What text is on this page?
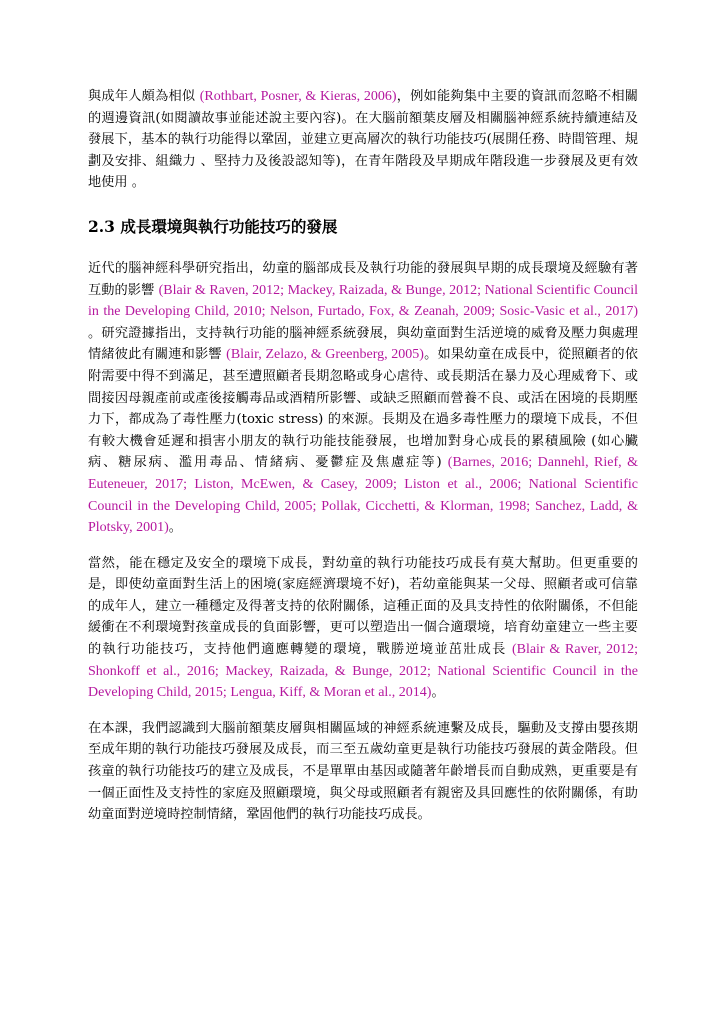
與成年人頗為相似 (Rothbart, Posner, & Kieras, 2006)，例如能夠集中主要的資訊而忽略不相關的週邊資訊(如閱讀故事並能述說主要內容)。在大腦前額葉皮層及相關腦神經系統持續連結及發展下，基本的執行功能得以鞏固，並建立更高層次的執行功能技巧(展開任務、時間管理、規劃及安排、組織力 、堅持力及後設認知等)，在青年階段及早期成年階段進一步發展及更有效地使用 。

2.3 成長環境與執行功能技巧的發展

近代的腦神經科學研究指出，幼童的腦部成長及執行功能的發展與早期的成長環境及經驗有著互動的影響 (Blair & Raven, 2012; Mackey, Raizada, & Bunge, 2012; National Scientific Council in the Developing Child, 2010; Nelson, Furtado, Fox, & Zeanah, 2009; Sosic-Vasic et al., 2017) 。研究證據指出，支持執行功能的腦神經系統發展，與幼童面對生活逆境的威脅及壓力與處理情緒彼此有關連和影響 (Blair, Zelazo, & Greenberg, 2005)。如果幼童在成長中，從照顧者的依附需要中得不到滿足，甚至遭照顧者長期忽略或身心虐待、或長期活在暴力及心理威脅下、或間接因母親產前或產後接觸毒品或酒精所影響、或缺乏照顧而營養不良、或活在困境的長期壓力下，都成為了毒性壓力(toxic stress) 的來源。長期及在過多毒性壓力的環境下成長，不但有較大機會延遲和損害小朋友的執行功能技能發展，也增加對身心成長的累積風險 (如心臟病、糖尿病、濫用毒品、情緒病、憂鬱症及焦慮症等) (Barnes, 2016; Dannehl, Rief, & Euteneuer, 2017; Liston, McEwen, & Casey, 2009; Liston et al., 2006; National Scientific Council in the Developing Child, 2005; Pollak, Cicchetti, & Klorman, 1998; Sanchez, Ladd, & Plotsky, 2001)。

當然，能在穩定及安全的環境下成長，對幼童的執行功能技巧成長有莫大幫助。但更重要的是，即使幼童面對生活上的困境(家庭經濟環境不好)，若幼童能與某一父母、照顧者或可信靠的成年人，建立一種穩定及得著支持的依附關係，這種正面的及具支持性的依附關係，不但能緩衝在不利環境對孩童成長的負面影響，更可以塑造出一個合適環境，培育幼童建立一些主要的執行功能技巧，支持他們適應轉變的環境，戰勝逆境並茁壯成長 (Blair & Raver, 2012; Shonkoff et al., 2016; Mackey, Raizada, & Bunge, 2012; National Scientific Council in the Developing Child, 2015; Lengua, Kiff, & Moran et al., 2014)。

在本課，我們認識到大腦前額葉皮層與相關區域的神經系統連繫及成長，驅動及支撐由嬰孩期至成年期的執行功能技巧發展及成長，而三至五歲幼童更是執行功能技巧發展的黃金階段。但孩童的執行功能技巧的建立及成長，不是單單由基因或隨著年齡增長而自動成熟，更重要是有一個正面性及支持性的家庭及照顧環境，與父母或照顧者有親密及具回應性的依附關係，有助幼童面對逆境時控制情緒，鞏固他們的執行功能技巧成長。
